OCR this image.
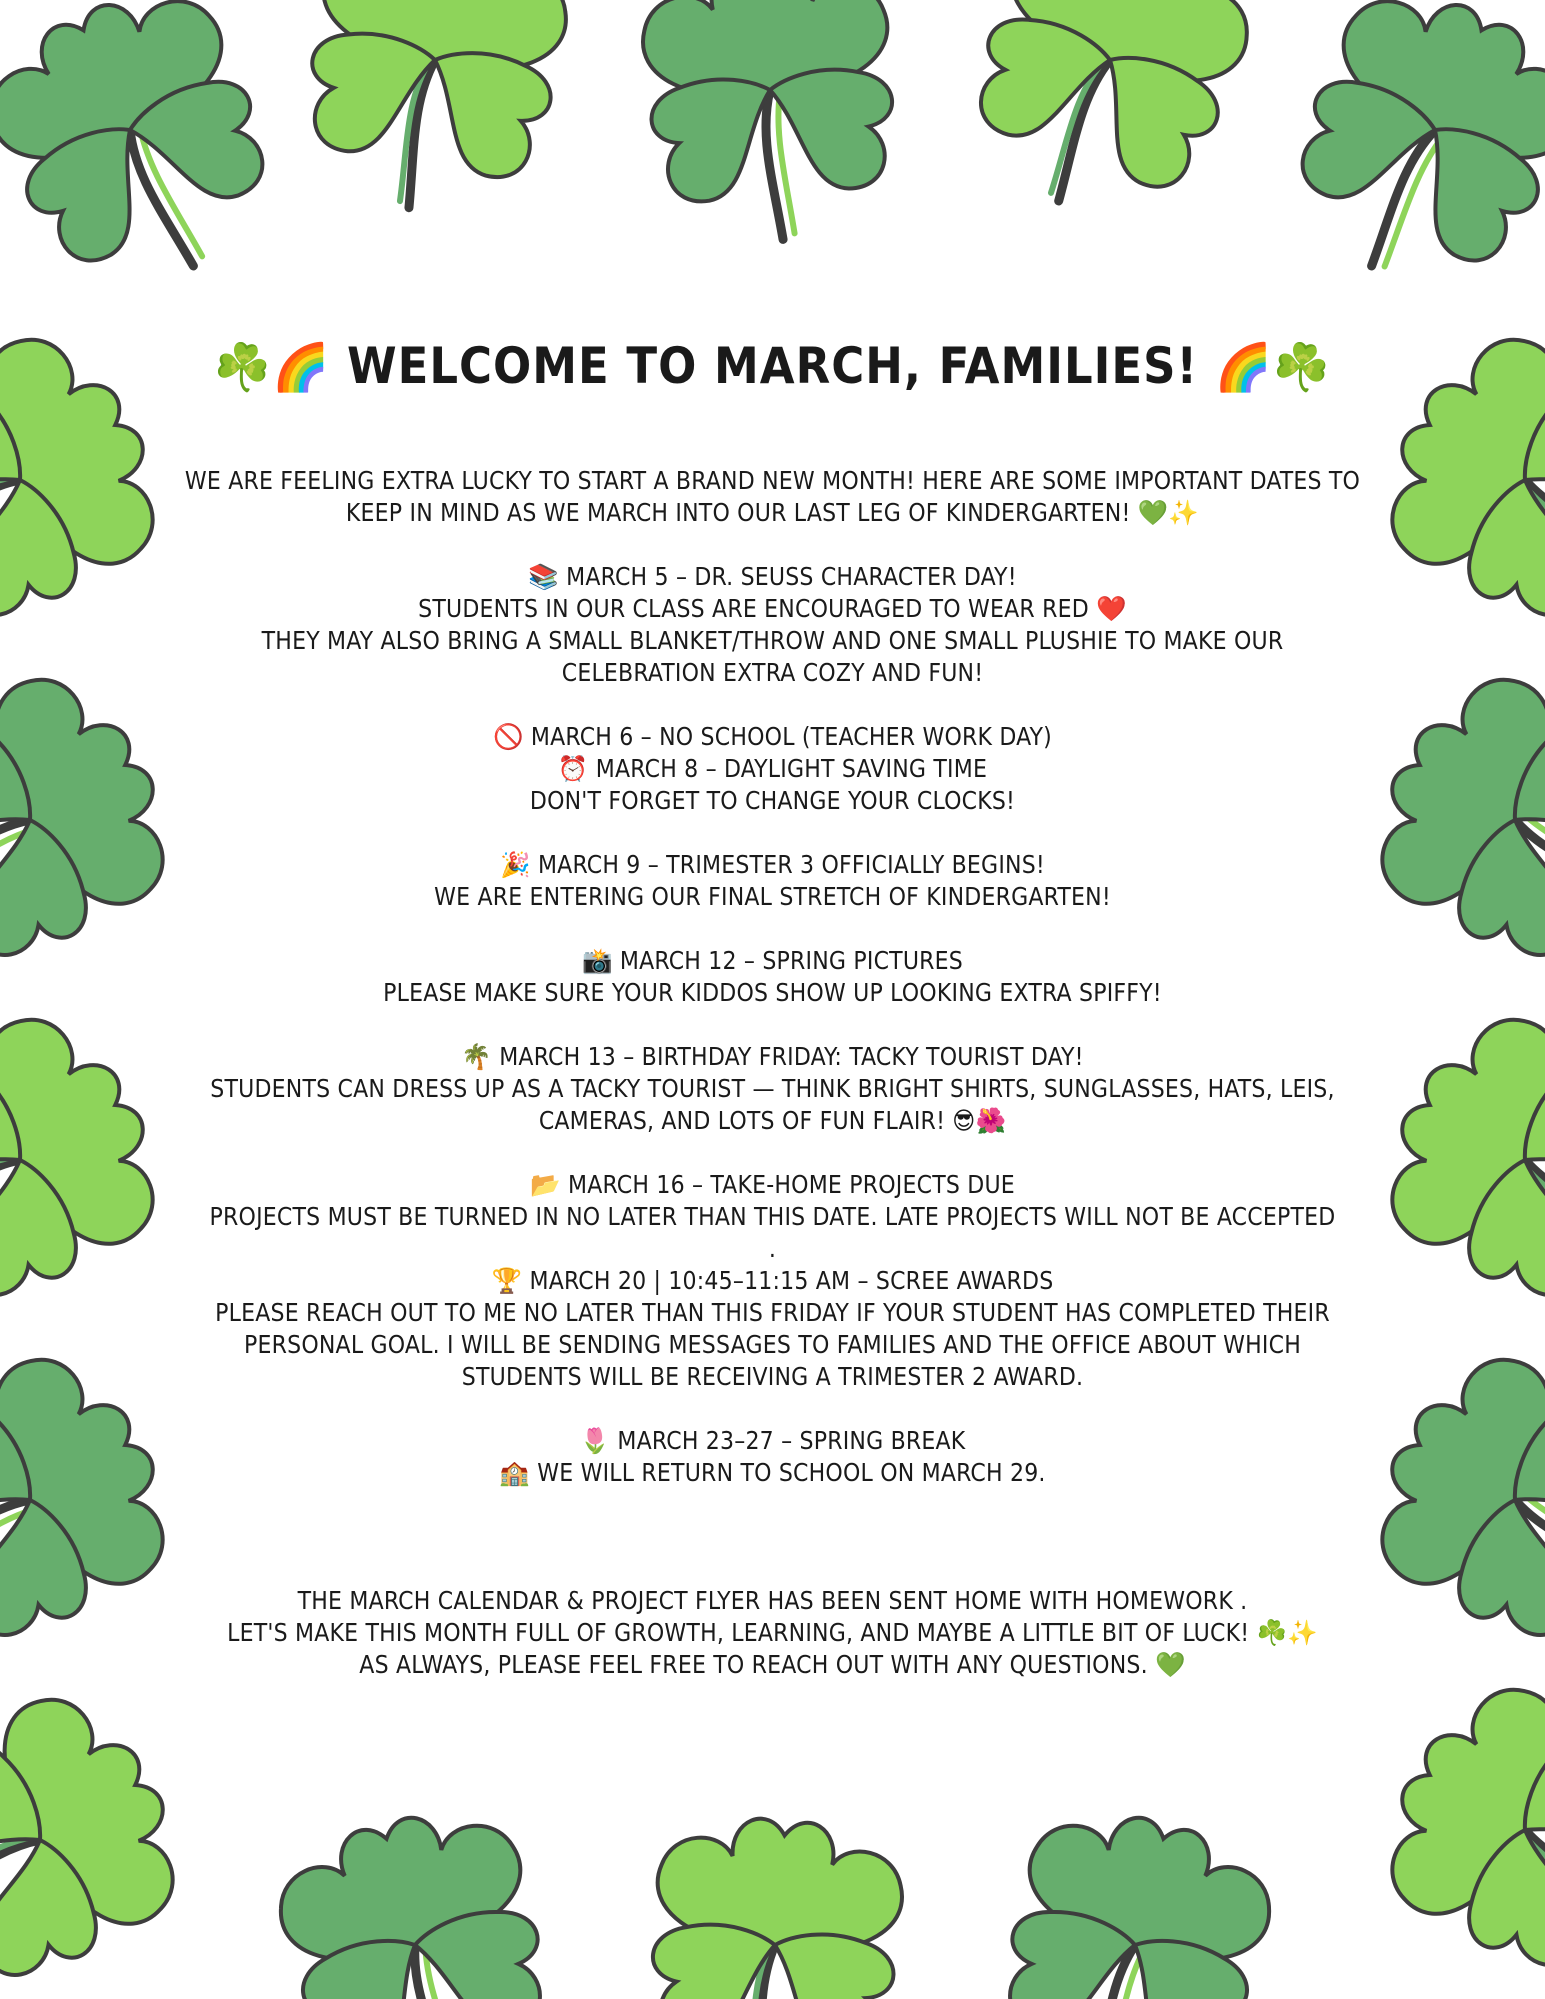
☘️🌈 WELCOME TO MARCH, FAMILIES! 🌈☘️
WE ARE FEELING EXTRA LUCKY TO START A BRAND NEW MONTH! HERE ARE SOME IMPORTANT DATES TO
KEEP IN MIND AS WE MARCH INTO OUR LAST LEG OF KINDERGARTEN! 💚✨
📚 MARCH 5 – DR. SEUSS CHARACTER DAY!
STUDENTS IN OUR CLASS ARE ENCOURAGED TO WEAR RED ❤️
THEY MAY ALSO BRING A SMALL BLANKET/THROW AND ONE SMALL PLUSHIE TO MAKE OUR
CELEBRATION EXTRA COZY AND FUN!
🚫 MARCH 6 – NO SCHOOL (TEACHER WORK DAY)
⏰ MARCH 8 – DAYLIGHT SAVING TIME
DON'T FORGET TO CHANGE YOUR CLOCKS!
🎉 MARCH 9 – TRIMESTER 3 OFFICIALLY BEGINS!
WE ARE ENTERING OUR FINAL STRETCH OF KINDERGARTEN!
📸 MARCH 12 – SPRING PICTURES
PLEASE MAKE SURE YOUR KIDDOS SHOW UP LOOKING EXTRA SPIFFY!
🌴 MARCH 13 – BIRTHDAY FRIDAY: TACKY TOURIST DAY!
STUDENTS CAN DRESS UP AS A TACKY TOURIST — THINK BRIGHT SHIRTS, SUNGLASSES, HATS, LEIS,
CAMERAS, AND LOTS OF FUN FLAIR! 😎🌺
📂 MARCH 16 – TAKE-HOME PROJECTS DUE
PROJECTS MUST BE TURNED IN NO LATER THAN THIS DATE. LATE PROJECTS WILL NOT BE ACCEPTED
.
🏆 MARCH 20 | 10:45–11:15 AM – SCREE AWARDS
PLEASE REACH OUT TO ME NO LATER THAN THIS FRIDAY IF YOUR STUDENT HAS COMPLETED THEIR
PERSONAL GOAL. I WILL BE SENDING MESSAGES TO FAMILIES AND THE OFFICE ABOUT WHICH
STUDENTS WILL BE RECEIVING A TRIMESTER 2 AWARD.
🌷 MARCH 23–27 – SPRING BREAK
🏫 WE WILL RETURN TO SCHOOL ON MARCH 29.
THE MARCH CALENDAR & PROJECT FLYER HAS BEEN SENT HOME WITH HOMEWORK .
LET'S MAKE THIS MONTH FULL OF GROWTH, LEARNING, AND MAYBE A LITTLE BIT OF LUCK! ☘️✨
AS ALWAYS, PLEASE FEEL FREE TO REACH OUT WITH ANY QUESTIONS. 💚
